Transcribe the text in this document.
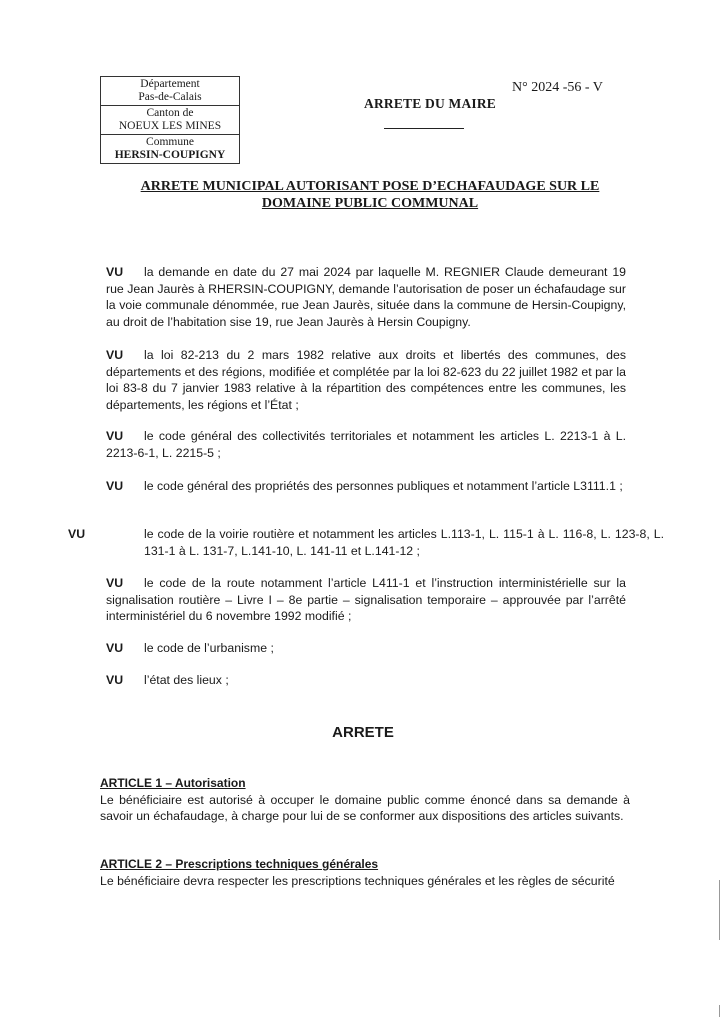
Département
Pas-de-Calais
Canton de
NOEUX LES MINES
Commune
HERSIN-COUPIGNY
N° 2024 -56 - V
ARRETE DU MAIRE
ARRETE MUNICIPAL AUTORISANT POSE D’ECHAFAUDAGE SUR LE
DOMAINE PUBLIC COMMUNAL
VU la demande en date du 27 mai 2024 par laquelle M. REGNIER Claude demeurant 19 rue Jean Jaurès à RHERSIN-COUPIGNY, demande l’autorisation de poser un échafaudage sur la voie communale dénommée, rue Jean Jaurès, située dans la commune de Hersin-Coupigny, au droit de l’habitation sise 19, rue Jean Jaurès à Hersin Coupigny.
VU la loi 82-213 du 2 mars 1982 relative aux droits et libertés des communes, des départements et des régions, modifiée et complétée par la loi 82-623 du 22 juillet 1982 et par la loi 83-8 du 7 janvier 1983 relative à la répartition des compétences entre les communes, les départements, les régions et l’État ;
VU le code général des collectivités territoriales et notamment les articles L. 2213-1 à L. 2213-6-1, L. 2215-5 ;
VU le code général des propriétés des personnes publiques et notamment l’article L3111.1 ;
VU	le code de la voirie routière et notamment les articles L.113-1, L. 115-1 à L. 116-8, L. 123-8, L. 131-1 à L. 131-7, L.141-10, L. 141-11 et L.141-12 ;
VU le code de la route notamment l’article L411-1 et l’instruction interministérielle sur la signalisation routière – Livre I – 8e partie – signalisation temporaire – approuvée par l’arrêté interministériel du 6 novembre 1992 modifié ;
VU le code de l’urbanisme ;
VU l’état des lieux ;
ARRETE
ARTICLE 1 – Autorisation
Le bénéficiaire est autorisé à occuper le domaine public comme énoncé dans sa demande à savoir un échafaudage, à charge pour lui de se conformer aux dispositions des articles suivants.
ARTICLE 2 – Prescriptions techniques générales
Le bénéficiaire devra respecter les prescriptions techniques générales et les règles de sécurité
